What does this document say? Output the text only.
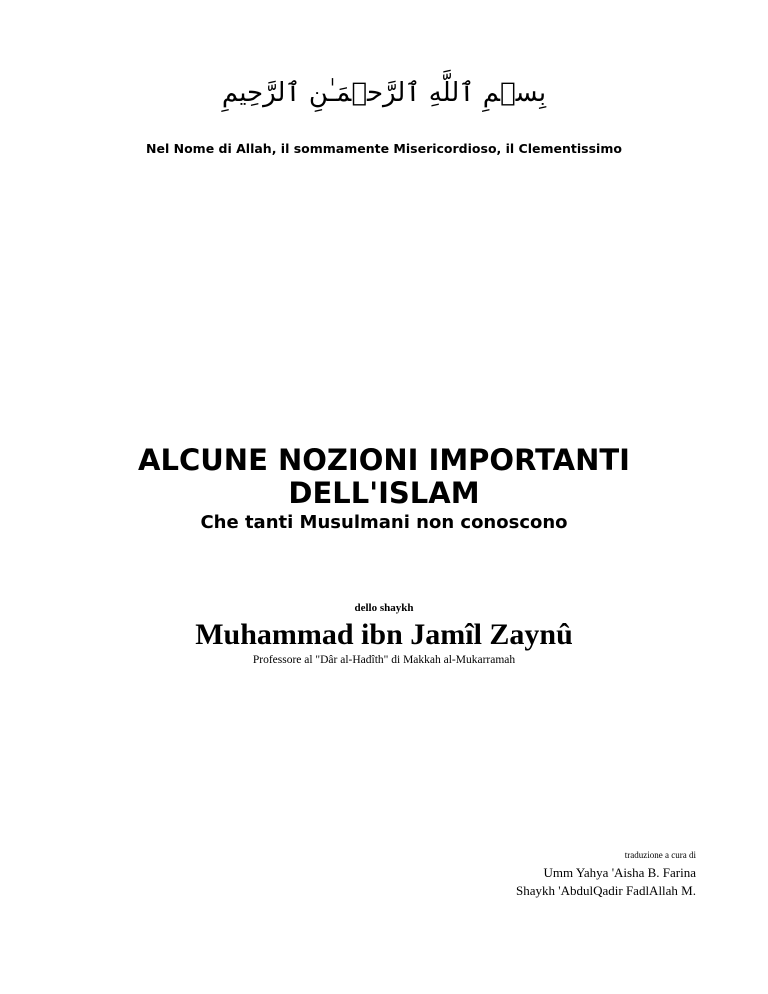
بِسۡمِ ٱللَّهِ ٱلرَّحۡمَـٰنِ ٱلرَّحِيمِ
Nel Nome di Allah, il sommamente Misericordioso, il Clementissimo
ALCUNE NOZIONI IMPORTANTI
DELL'ISLAM
Che tanti Musulmani non conoscono
dello shaykh
Muhammad ibn Jamîl Zaynû
Professore al "Dâr al-Hadîth" di Makkah al-Mukarramah
traduzione a cura di
Umm Yahya 'Aisha B. Farina
Shaykh 'AbdulQadir FadlAllah M.
